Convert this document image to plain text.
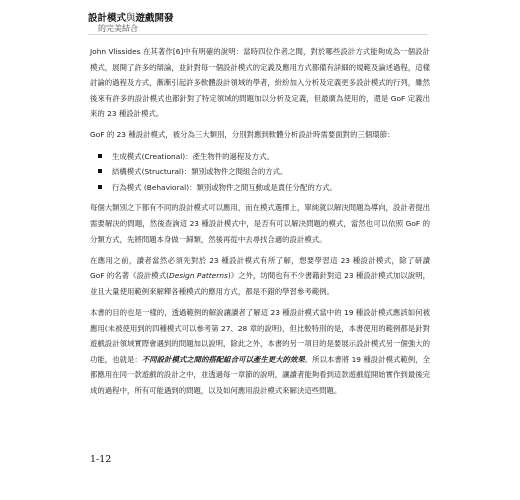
設計模式與遊戲開發
的完美結合

John Vlissides 在其著作[6]中有明確的說明：當時四位作者之間，對於哪些設計方式能夠成為一個設計模式，展開了許多的辯論，並針對每一個設計模式的定義及應用方式都備有詳細的規範及論述過程，這樣討論的過程及方式，漸漸引起許多軟體設計領域的學者，紛紛加入分析及定義更多設計模式的行列，雖然後來有許多的設計模式也都針對了特定領域的問題加以分析及定義，但最廣為使用的，還是 GoF 定義出來的 23 種設計模式。

GoF 的 23 種設計模式，被分為三大類別，分別對應到軟體分析設計時需要面對的三個環節：

生成模式(Creational)：產生物件的過程及方式。
結構模式(Structural)：類別或物件之間組合的方式。
行為模式 (Behavioral)：類別或物件之間互動或是責任分配的方式。

每個大類別之下都有不同的設計模式可以應用，而在模式選擇上，單純就以解決問題為導向，設計者提出需要解決的問題，然後查詢這 23 種設計模式中，是否有可以解決問題的模式，當然也可以依照 GoF 的分類方式，先將問題本身做一歸類，然後再從中去尋找合適的設計模式。

在應用之前，讀者當然必須先對於 23 種設計模式有所了解，想要學習這 23 種設計模式，除了研讀 GoF 的名著《設計模式(Design Patterns)》之外，坊間也有不少書籍針對這 23 種設計模式加以說明，並且大量使用範例來解釋各種模式的應用方式，都是不錯的學習參考範例。

本書的目的也是一樣的，透過範例的解說讓讀者了解這 23 種設計模式當中的 19 種設計模式應該如何被應用(未被使用到的四種模式可以參考第 27、28 章的說明)，但比較特別的是，本書使用的範例都是針對遊戲設計領域實際會遇到的問題加以說明，除此之外，本書的另一項目的是要展示設計模式另一個強大的功能，也就是：不同設計模式之間的搭配組合可以產生更大的效果。所以本書將 19 種設計模式範例，全都應用在同一款遊戲的設計之中，並透過每一章節的說明，讓讀者能夠看到這款遊戲從開始實作到最後完成的過程中，所有可能遇到的問題，以及如何應用設計模式來解決這些問題。

1-12
